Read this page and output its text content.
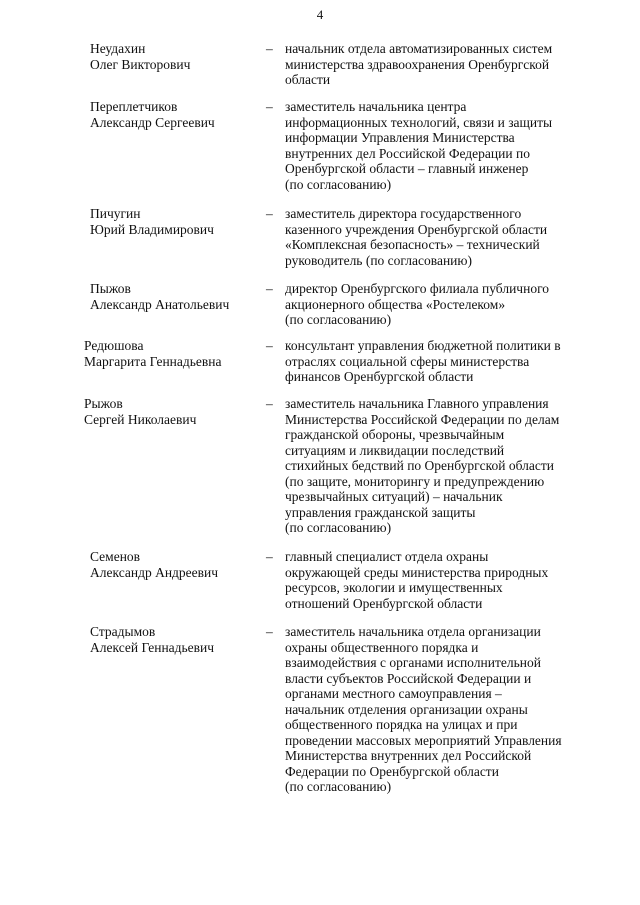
4
Неудахин
Олег Викторович
– начальник отдела автоматизированных систем
министерства здравоохранения Оренбургской
области
Переплетчиков
Александр Сергеевич
– заместитель начальника центра
информационных технологий, связи и защиты
информации Управления Министерства
внутренних дел Российской Федерации по
Оренбургской области – главный инженер
(по согласованию)
Пичугин
Юрий Владимирович
– заместитель директора государственного
казенного учреждения Оренбургской области
«Комплексная безопасность» – технический
руководитель (по согласованию)
Пыжов
Александр Анатольевич
– директор Оренбургского филиала публичного
акционерного общества «Ростелеком»
(по согласованию)
Редюшова
Маргарита Геннадьевна
– консультант управления бюджетной политики в
отраслях социальной сферы министерства
финансов Оренбургской области
Рыжов
Сергей Николаевич
– заместитель начальника Главного управления
Министерства Российской Федерации по делам
гражданской обороны, чрезвычайным
ситуациям и ликвидации последствий
стихийных бедствий по Оренбургской области
(по защите, мониторингу и предупреждению
чрезвычайных ситуаций) – начальник
управления гражданской защиты
(по согласованию)
Семенов
Александр Андреевич
– главный специалист отдела охраны
окружающей среды министерства природных
ресурсов, экологии и имущественных
отношений Оренбургской области
Страдымов
Алексей Геннадьевич
– заместитель начальника отдела организации
охраны общественного порядка и
взаимодействия с органами исполнительной
власти субъектов Российской Федерации и
органами местного самоуправления –
начальник отделения организации охраны
общественного порядка на улицах и при
проведении массовых мероприятий Управления
Министерства внутренних дел Российской
Федерации по Оренбургской области
(по согласованию)
